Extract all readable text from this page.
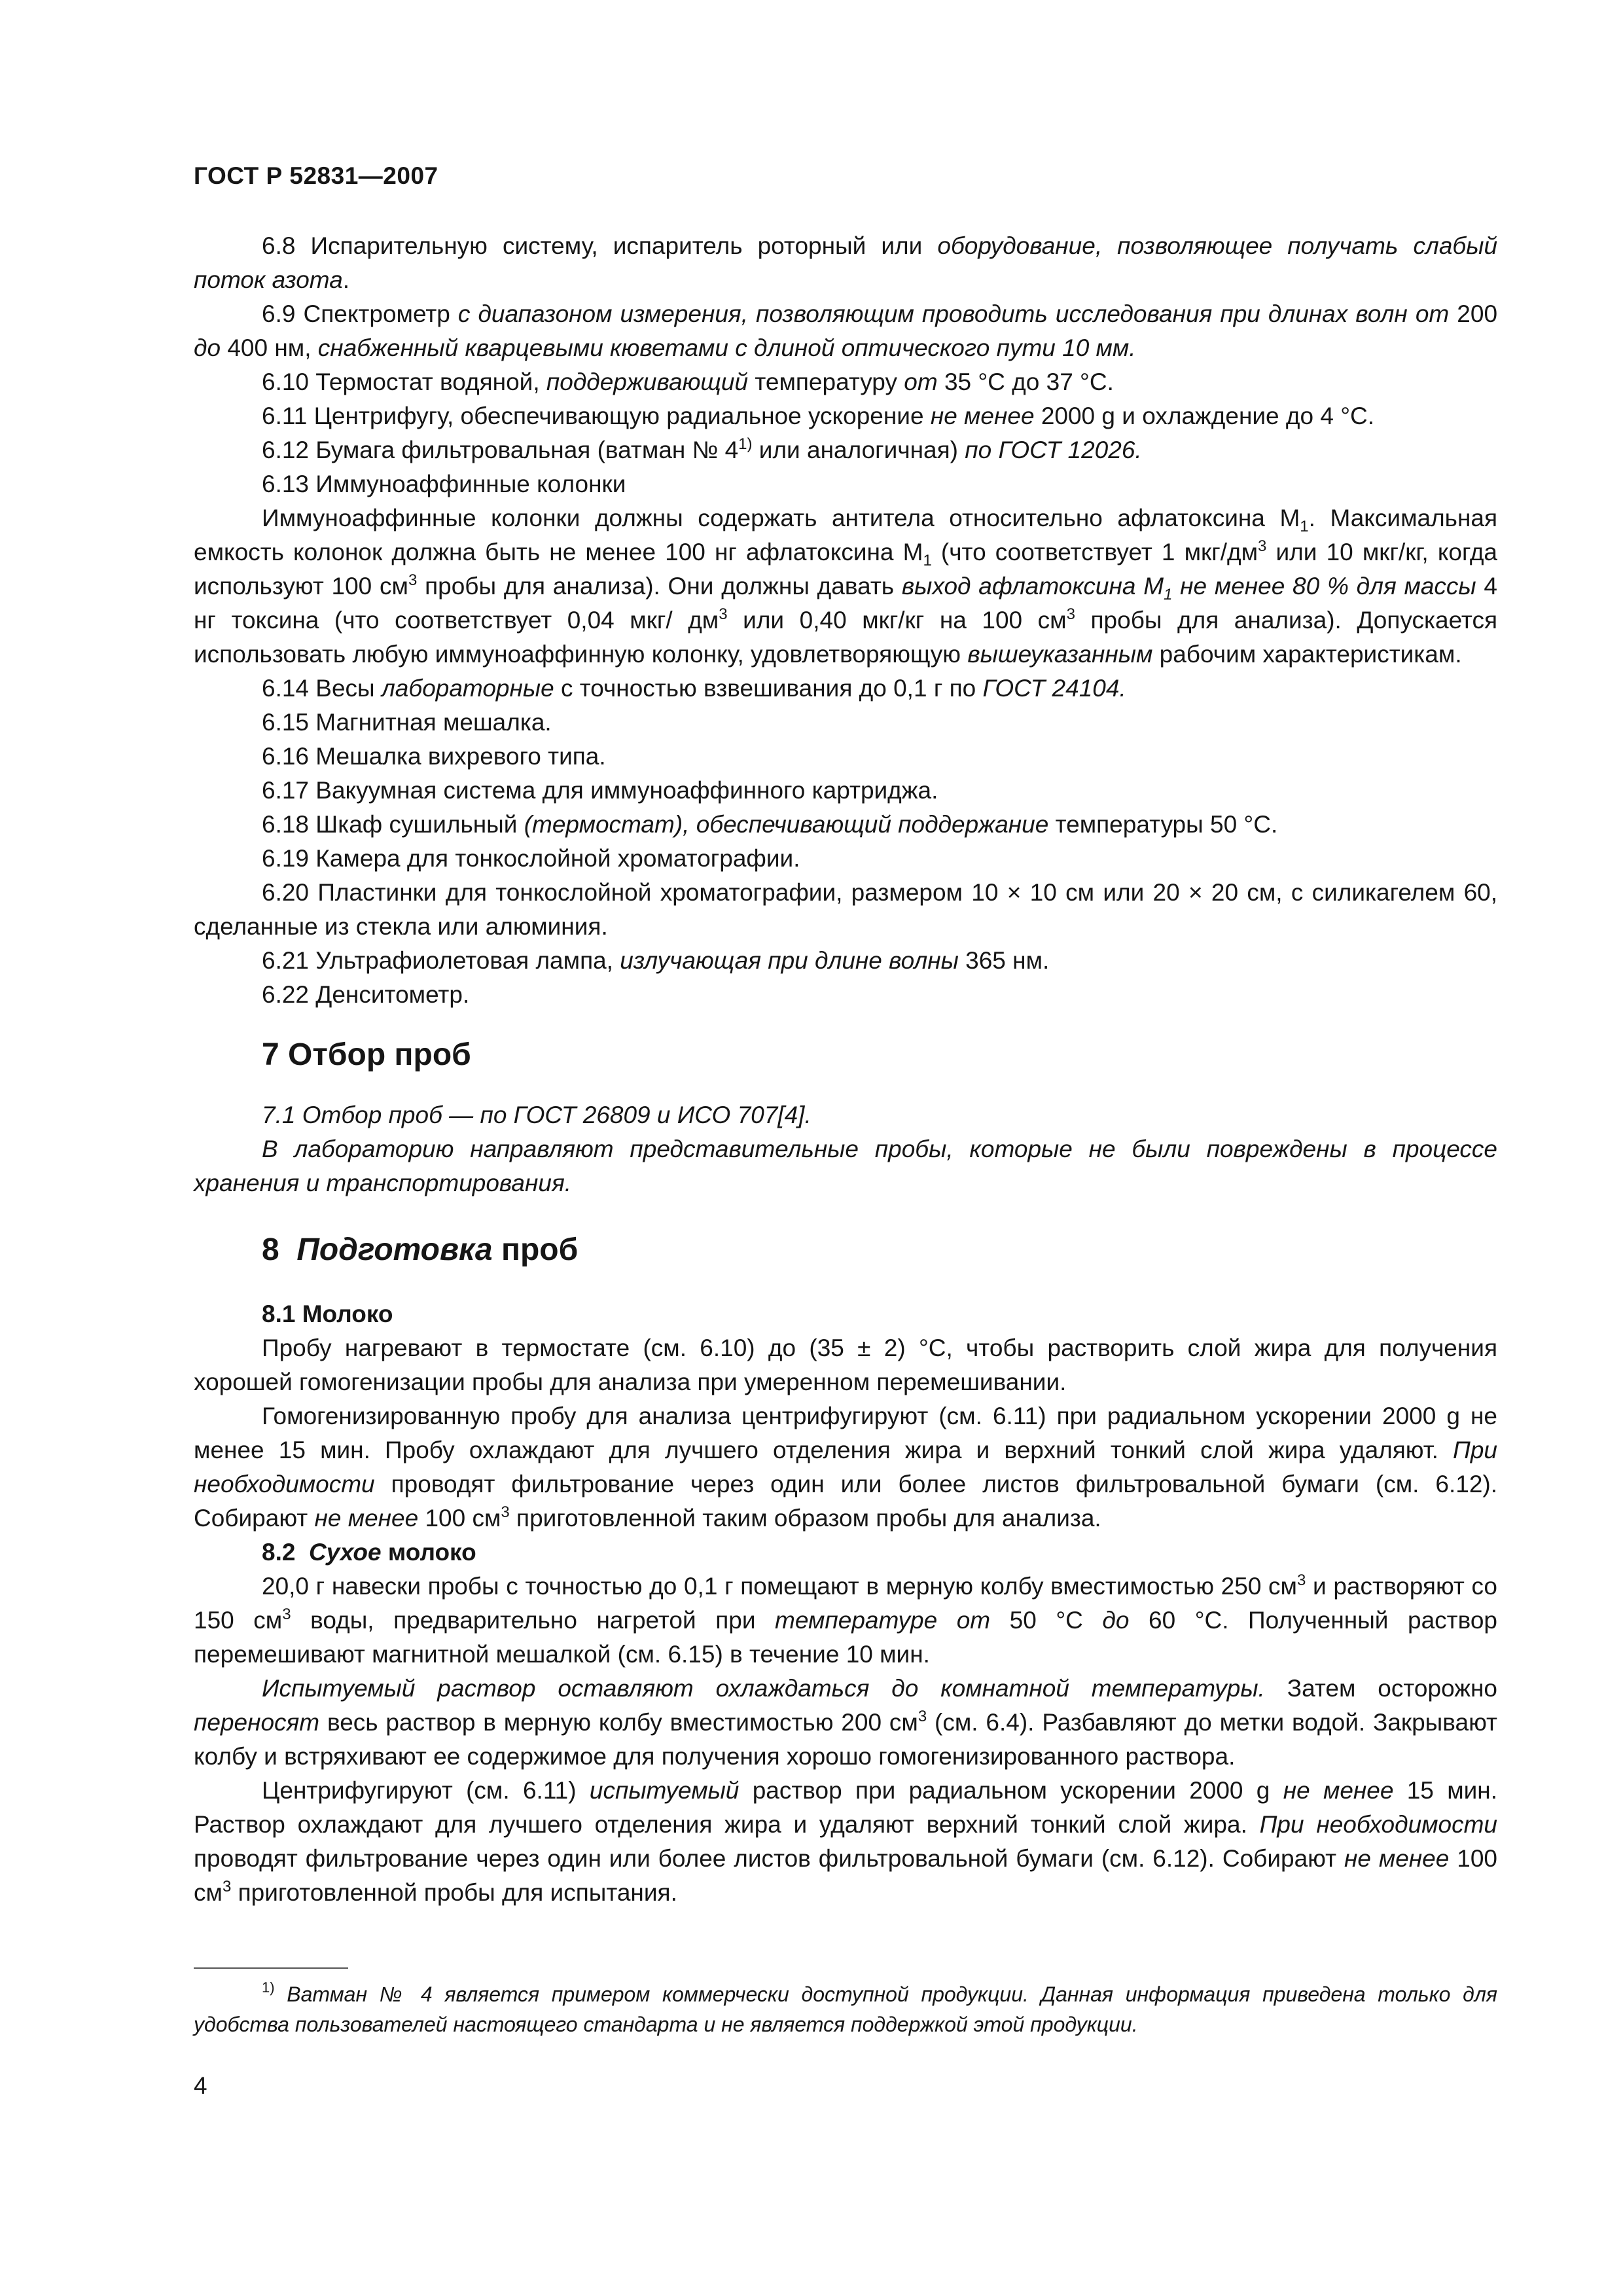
ГОСТ Р 52831—2007

6.8 Испарительную систему, испаритель роторный или оборудование, позволяющее получать слабый поток азота.

6.9 Спектрометр с диапазоном измерения, позволяющим проводить исследования при длинах волн от 200 до 400 нм, снабженный кварцевыми кюветами с длиной оптического пути 10 мм.

6.10 Термостат водяной, поддерживающий температуру от 35 °С до 37 °С.

6.11 Центрифугу, обеспечивающую радиальное ускорение не менее 2000 g и охлаждение до 4 °С.

6.12 Бумага фильтровальная (ватман № 4$^{1)}$ или аналогичная) по ГОСТ 12026.

6.13 Иммуноаффинные колонки

Иммуноаффинные колонки должны содержать антитела относительно афлатоксина $М_1$. Максимальная емкость колонок должна быть не менее 100 нг афлатоксина $М_1$ (что соответствует 1 мкг/$дм^3$ или 10 мкг/кг, когда используют 100 $см^3$ пробы для анализа). Они должны давать выход афлатоксина $М_1$ не менее 80 % для массы 4 нг токсина (что соответствует 0,04 мкг/ $дм^3$ или 0,40 мкг/кг на 100 $см^3$ пробы для анализа). Допускается использовать любую иммуноаффинную колонку, удовлетворяющую вышеуказанным рабочим характеристикам.

6.14 Весы лабораторные с точностью взвешивания до 0,1 г по ГОСТ 24104.

6.15 Магнитная мешалка.

6.16 Мешалка вихревого типа.

6.17 Вакуумная система для иммуноаффинного картриджа.

6.18 Шкаф сушильный (термостат), обеспечивающий поддержание температуры 50 °С.

6.19 Камера для тонкослойной хроматографии.

6.20 Пластинки для тонкослойной хроматографии, размером 10 × 10 см или 20 × 20 см, с силикагелем 60, сделанные из стекла или алюминия.

6.21 Ультрафиолетовая лампа, излучающая при длине волны 365 нм.

6.22 Денситометр.

7 Отбор проб

7.1 Отбор проб — по ГОСТ 26809 и ИСО 707[4].

В лабораторию направляют представительные пробы, которые не были повреждены в процессе хранения и транспортирования.

8 Подготовка проб

8.1 Молоко

Пробу нагревают в термостате (см. 6.10) до (35 ± 2) °С, чтобы растворить слой жира для получения хорошей гомогенизации пробы для анализа при умеренном перемешивании.

Гомогенизированную пробу для анализа центрифугируют (см. 6.11) при радиальном ускорении 2000 g не менее 15 мин. Пробу охлаждают для лучшего отделения жира и верхний тонкий слой жира удаляют. При необходимости проводят фильтрование через один или более листов фильтровальной бумаги (см. 6.12). Собирают не менее 100 $см^3$ приготовленной таким образом пробы для анализа.

8.2 Сухое молоко

20,0 г навески пробы с точностью до 0,1 г помещают в мерную колбу вместимостью 250 $см^3$ и растворяют со 150 $см^3$ воды, предварительно нагретой при температуре от 50 °С до 60 °С. Полученный раствор перемешивают магнитной мешалкой (см. 6.15) в течение 10 мин.

Испытуемый раствор оставляют охлаждаться до комнатной температуры. Затем осторожно переносят весь раствор в мерную колбу вместимостью 200 $см^3$ (см. 6.4). Разбавляют до метки водой. Закрывают колбу и встряхивают ее содержимое для получения хорошо гомогенизированного раствора.

Центрифугируют (см. 6.11) испытуемый раствор при радиальном ускорении 2000 g не менее 15 мин. Раствор охлаждают для лучшего отделения жира и удаляют верхний тонкий слой жира. При необходимости проводят фильтрование через один или более листов фильтровальной бумаги (см. 6.12). Собирают не менее 100 $см^3$ приготовленной пробы для испытания.

$^{1)}$ Ватман № 4 является примером коммерчески доступной продукции. Данная информация приведена только для удобства пользователей настоящего стандарта и не является поддержкой этой продукции.

4
